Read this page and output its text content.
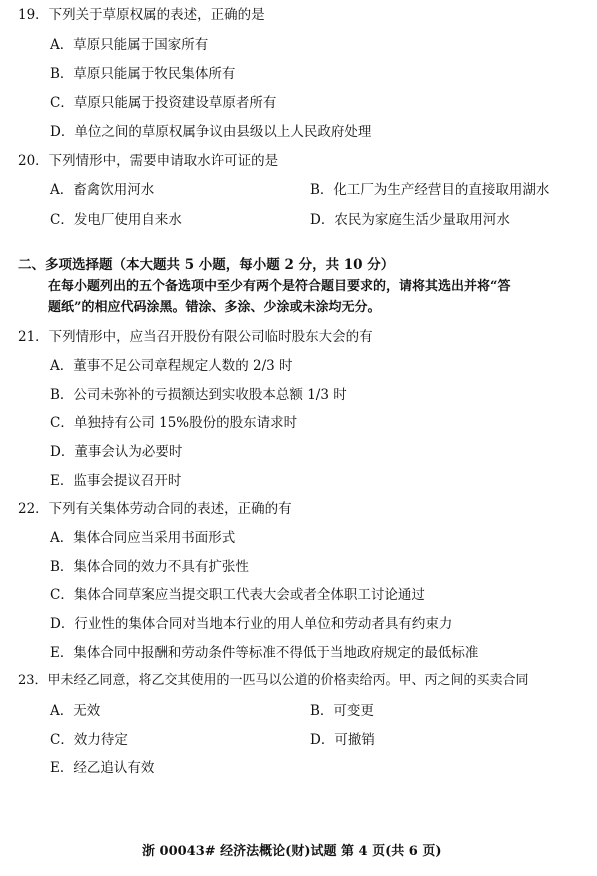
19．下列关于草原权属的表述，正确的是
A．草原只能属于国家所有
B．草原只能属于牧民集体所有
C．草原只能属于投资建设草原者所有
D．单位之间的草原权属争议由县级以上人民政府处理
20．下列情形中，需要申请取水许可证的是
A．畜禽饮用河水	B．化工厂为生产经营目的直接取用湖水
C．发电厂使用自来水	D．农民为家庭生活少量取用河水
二、多项选择题（本大题共 5 小题，每小题 2 分，共 10 分）
在每小题列出的五个备选项中至少有两个是符合题目要求的，请将其选出并将“答
题纸”的相应代码涂黑。错涂、多涂、少涂或未涂均无分。
21．下列情形中，应当召开股份有限公司临时股东大会的有
A．董事不足公司章程规定人数的 2/3 时
B．公司未弥补的亏损额达到实收股本总额 1/3 时
C．单独持有公司 15%股份的股东请求时
D．董事会认为必要时
E．监事会提议召开时
22．下列有关集体劳动合同的表述，正确的有
A．集体合同应当采用书面形式
B．集体合同的效力不具有扩张性
C．集体合同草案应当提交职工代表大会或者全体职工讨论通过
D．行业性的集体合同对当地本行业的用人单位和劳动者具有约束力
E．集体合同中报酬和劳动条件等标准不得低于当地政府规定的最低标准
23．甲未经乙同意，将乙交其使用的一匹马以公道的价格卖给丙。甲、丙之间的买卖合同
A．无效	B．可变更
C．效力待定	D．可撤销
E．经乙追认有效
浙 00043# 经济法概论(财)试题 第 4 页(共 6 页)
